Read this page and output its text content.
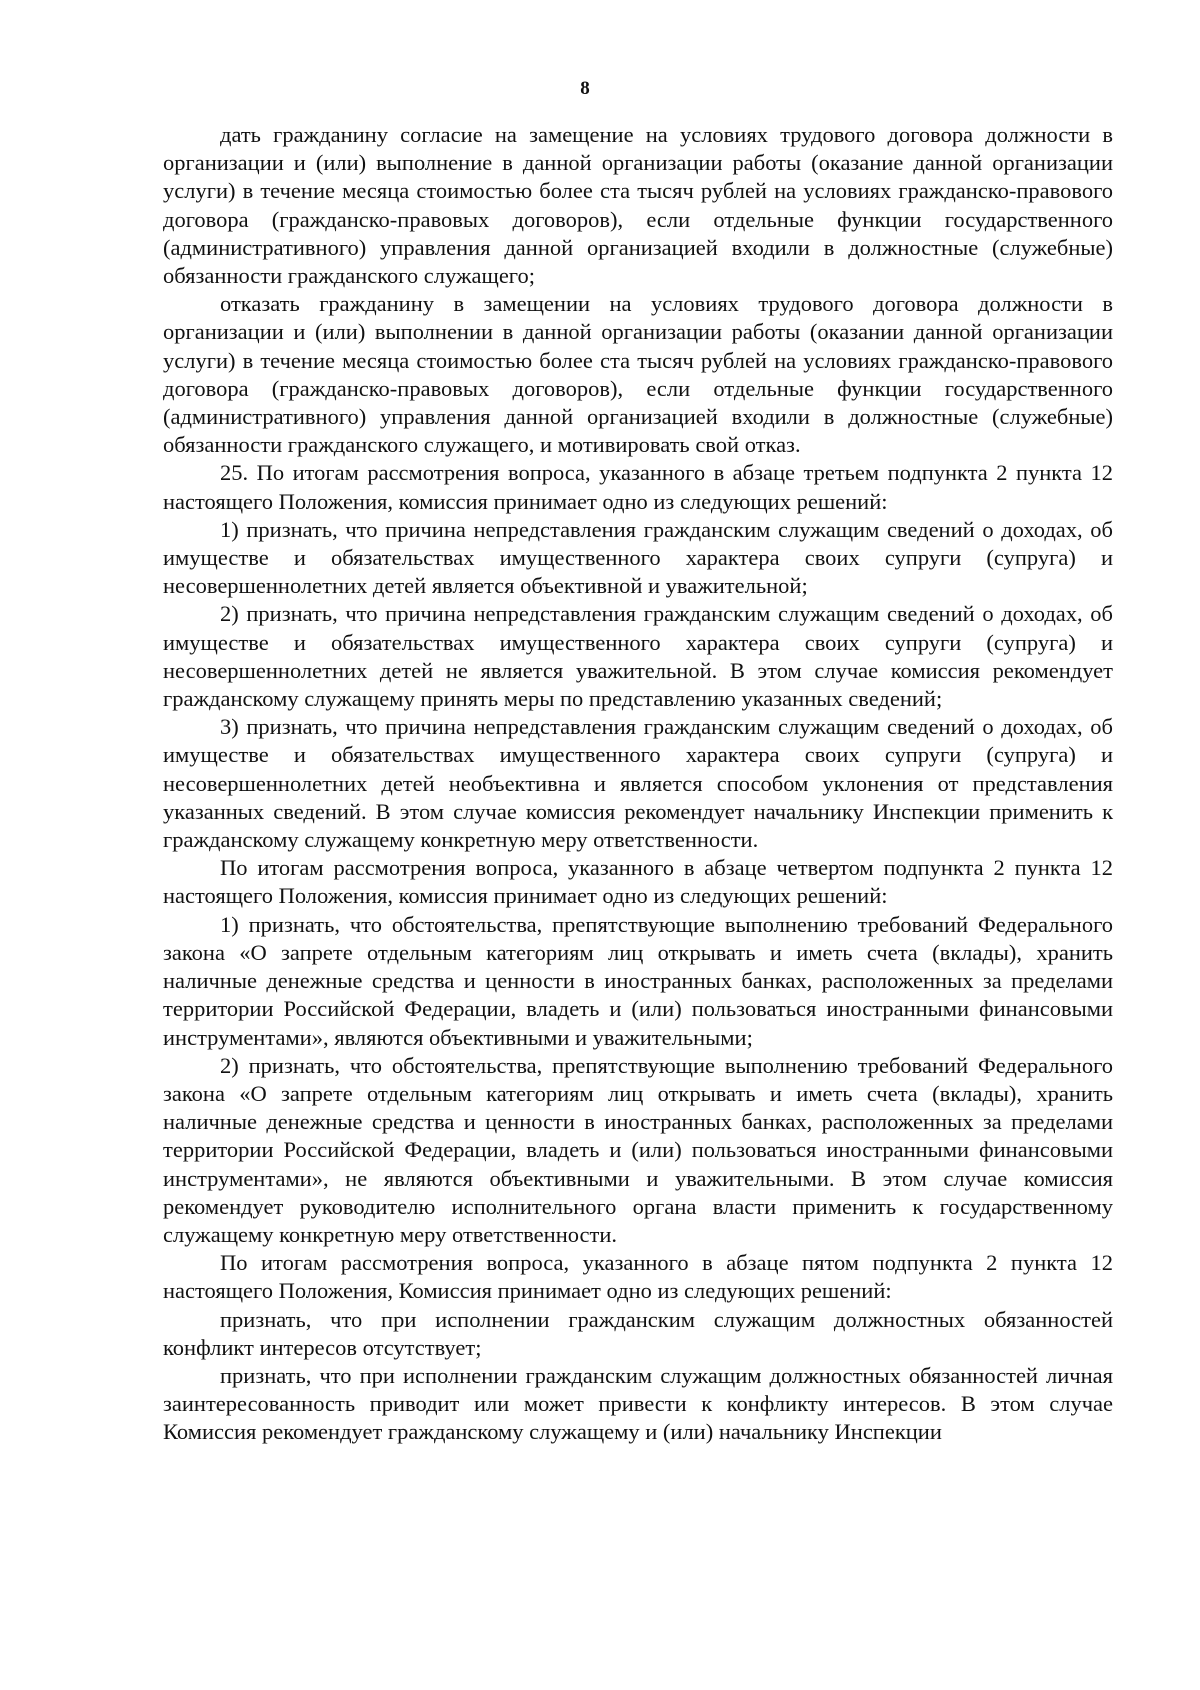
8

дать гражданину согласие на замещение на условиях трудового договора должности в организации и (или) выполнение в данной организации работы (оказание данной организации услуги) в течение месяца стоимостью более ста тысяч рублей на условиях гражданско-правового договора (гражданско-правовых договоров), если отдельные функции государственного (административного) управления данной организацией входили в должностные (служебные) обязанности гражданского служащего;

отказать гражданину в замещении на условиях трудового договора должности в организации и (или) выполнении в данной организации работы (оказании данной организации услуги) в течение месяца стоимостью более ста тысяч рублей на условиях гражданско-правового договора (гражданско-правовых договоров), если отдельные функции государственного (административного) управления данной организацией входили в должностные (служебные) обязанности гражданского служащего, и мотивировать свой отказ.

25. По итогам рассмотрения вопроса, указанного в абзаце третьем подпункта 2 пункта 12 настоящего Положения, комиссия принимает одно из следующих решений:

1) признать, что причина непредставления гражданским служащим сведений о доходах, об имуществе и обязательствах имущественного характера своих супруги (супруга) и несовершеннолетних детей является объективной и уважительной;

2) признать, что причина непредставления гражданским служащим сведений о доходах, об имуществе и обязательствах имущественного характера своих супруги (супруга) и несовершеннолетних детей не является уважительной. В этом случае комиссия рекомендует гражданскому служащему принять меры по представлению указанных сведений;

3) признать, что причина непредставления гражданским служащим сведений о доходах, об имуществе и обязательствах имущественного характера своих супруги (супруга) и несовершеннолетних детей необъективна и является способом уклонения от представления указанных сведений. В этом случае комиссия рекомендует начальнику Инспекции применить к гражданскому служащему конкретную меру ответственности.

По итогам рассмотрения вопроса, указанного в абзаце четвертом подпункта 2 пункта 12 настоящего Положения, комиссия принимает одно из следующих решений:

1) признать, что обстоятельства, препятствующие выполнению требований Федерального закона «О запрете отдельным категориям лиц открывать и иметь счета (вклады), хранить наличные денежные средства и ценности в иностранных банках, расположенных за пределами территории Российской Федерации, владеть и (или) пользоваться иностранными финансовыми инструментами», являются объективными и уважительными;

2) признать, что обстоятельства, препятствующие выполнению требований Федерального закона «О запрете отдельным категориям лиц открывать и иметь счета (вклады), хранить наличные денежные средства и ценности в иностранных банках, расположенных за пределами территории Российской Федерации, владеть и (или) пользоваться иностранными финансовыми инструментами», не являются объективными и уважительными. В этом случае комиссия рекомендует руководителю исполнительного органа власти применить к государственному служащему конкретную меру ответственности.

По итогам рассмотрения вопроса, указанного в абзаце пятом подпункта 2 пункта 12 настоящего Положения, Комиссия принимает одно из следующих решений:

признать, что при исполнении гражданским служащим должностных обязанностей конфликт интересов отсутствует;

признать, что при исполнении гражданским служащим должностных обязанностей личная заинтересованность приводит или может привести к конфликту интересов. В этом случае Комиссия рекомендует гражданскому служащему и (или) начальнику Инспекции
